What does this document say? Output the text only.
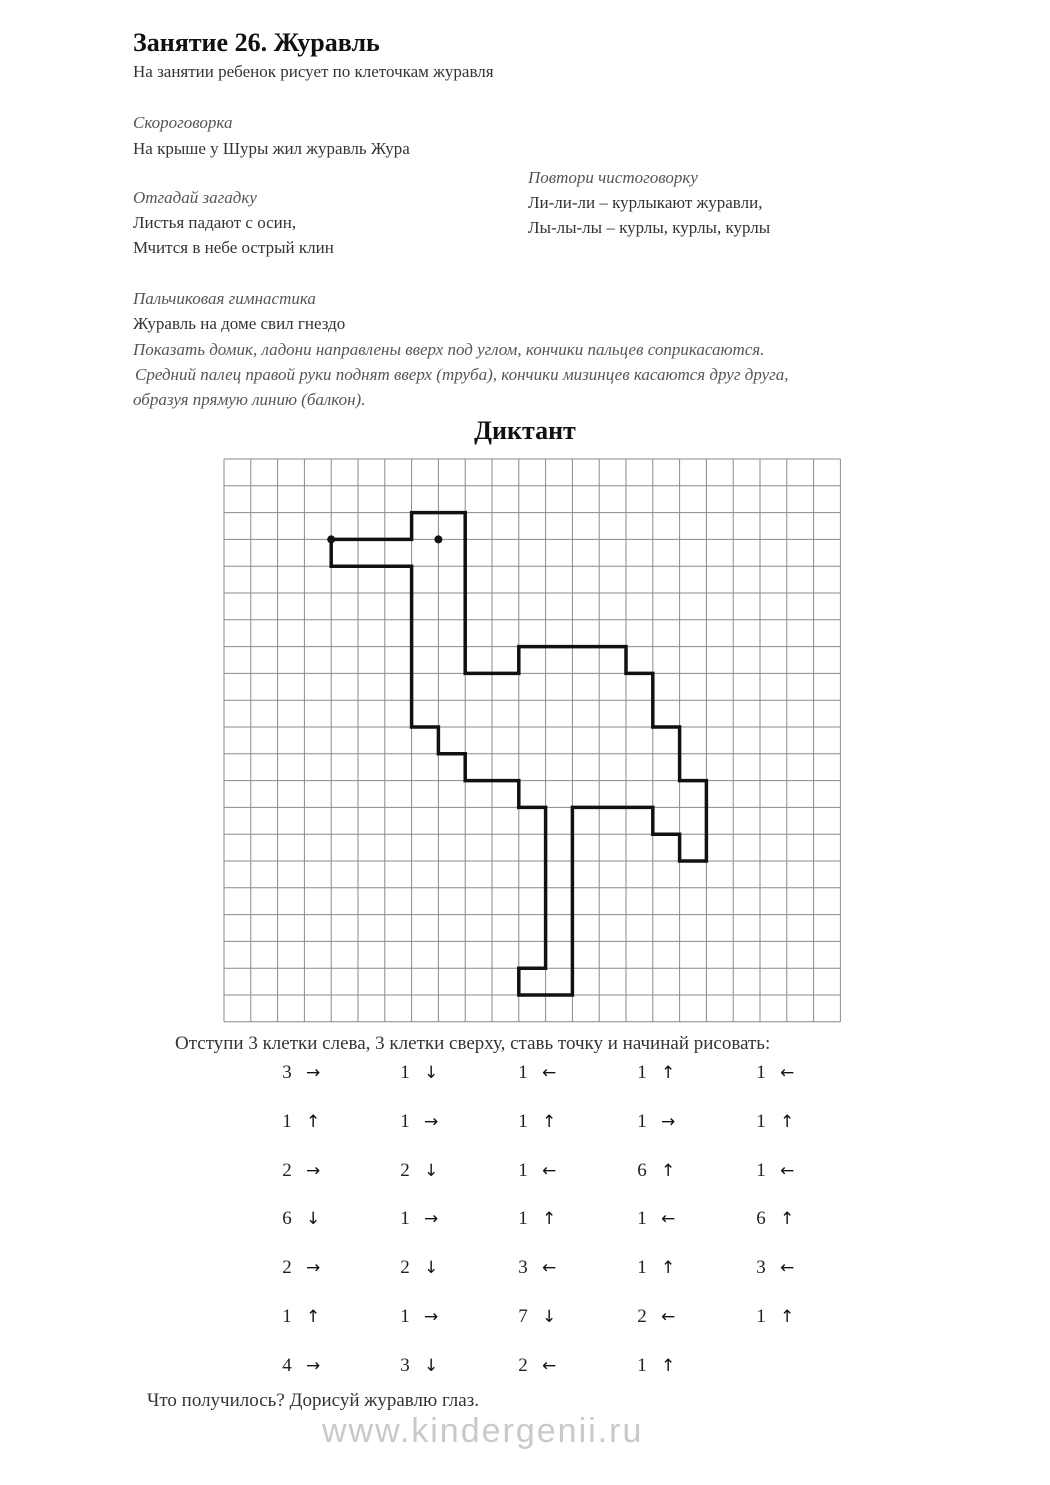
Занятие 26. Журавль
На занятии ребенок рисует по клеточкам журавля
Скороговорка
На крыше у Шуры жил журавль Жура
Отгадай загадку
Листья падают с осин,
Мчится в небе острый клин
Повтори чистоговорку
Ли-ли-ли – курлыкают журавли,
Лы-лы-лы – курлы, курлы, курлы
Пальчиковая гимнастика
Журавль на доме свил гнездо
Показать домик, ладони направлены вверх под углом, кончики пальцев соприкасаются.
Средний палец правой руки поднят вверх (труба), кончики мизинцев касаются друг друга,
образуя прямую линию (балкон).
Диктант
Отступи 3 клетки слева, 3 клетки сверху, ставь точку и начинай рисовать:
3 →	1 ↓	1 ←	1 ↑	1 ←
1 ↑	1 →	1 ↑	1 →	1 ↑
2 →	2 ↓	1 ←	6 ↑	1 ←
6 ↓	1 →	1 ↑	1 ←	6 ↑
2 →	2 ↓	3 ←	1 ↑	3 ←
1 ↑	1 →	7 ↓	2 ←	1 ↑
4 →	3 ↓	2 ←	1 ↑
Что получилось? Дорисуй журавлю глаз.
www.kindergenii.ru
